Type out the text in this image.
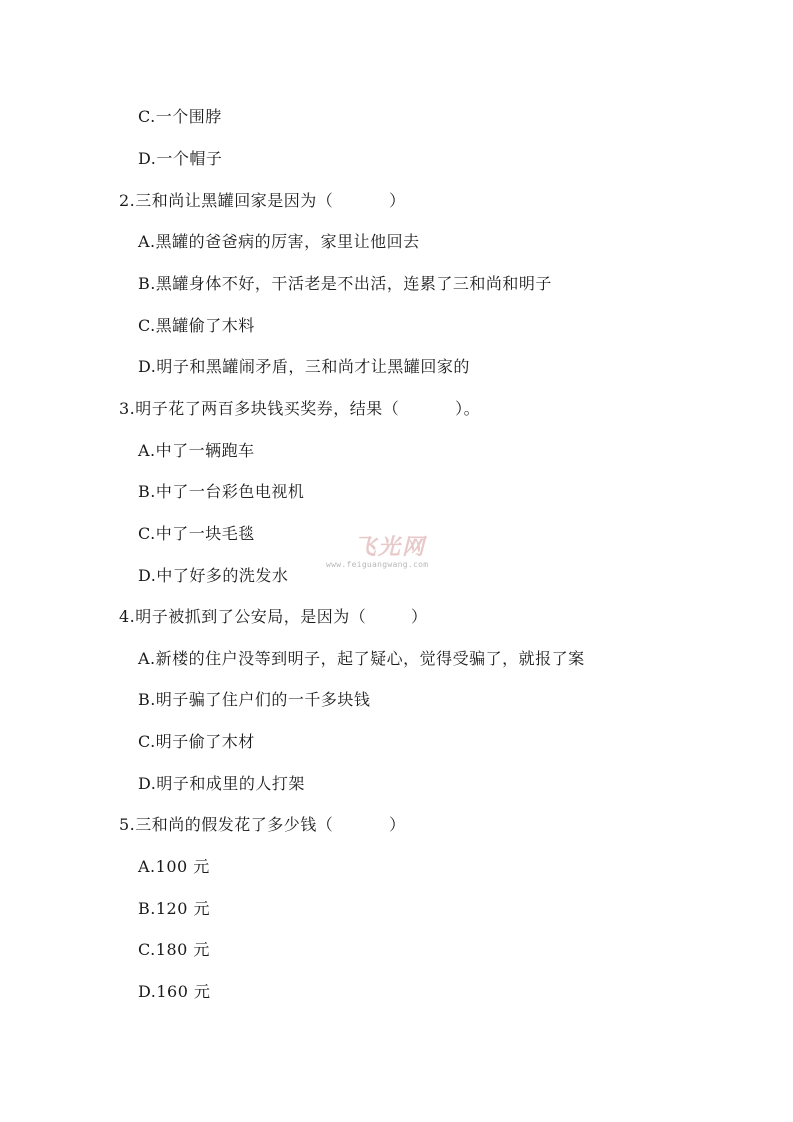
C.一个围脖
D.一个帽子
2.三和尚让黑罐回家是因为（          ）
A.黑罐的爸爸病的厉害，家里让他回去
B.黑罐身体不好，干活老是不出活，连累了三和尚和明子
C.黑罐偷了木料
D.明子和黑罐闹矛盾，三和尚才让黑罐回家的
3.明子花了两百多块钱买奖券，结果（          ）。
A.中了一辆跑车
B.中了一台彩色电视机
C.中了一块毛毯
D.中了好多的洗发水
4.明子被抓到了公安局，是因为（        ）
A.新楼的住户没等到明子，起了疑心，觉得受骗了，就报了案
B.明子骗了住户们的一千多块钱
C.明子偷了木材
D.明子和成里的人打架
5.三和尚的假发花了多少钱（          ）
A.100 元
B.120 元
C.180 元
D.160 元
飞光网
www.feiguangwang.com
